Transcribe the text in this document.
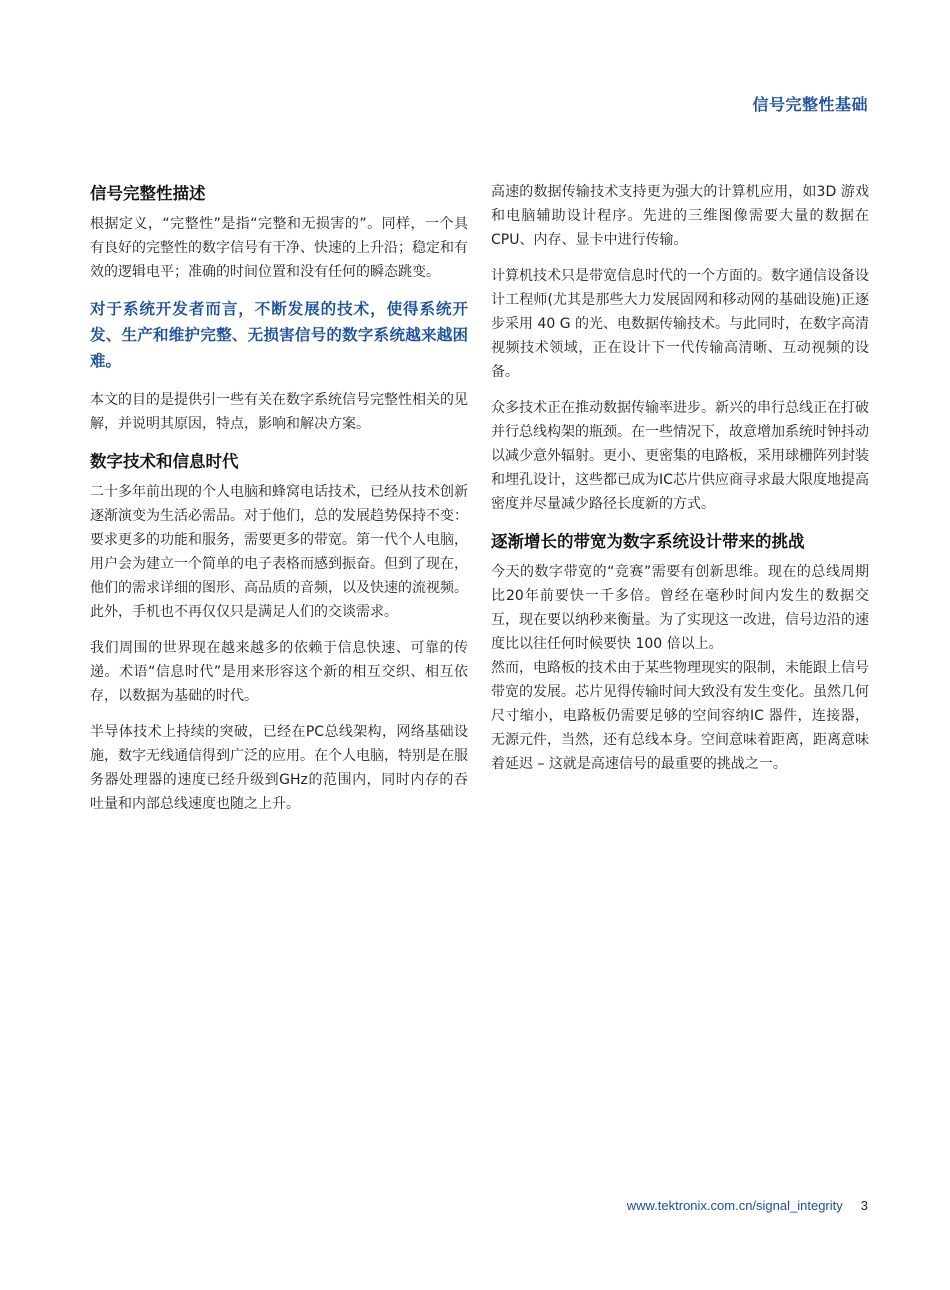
信号完整性基础
信号完整性描述

根据定义，“完整性”是指“完整和无损害的”。同样，一个具有良好的完整性的数字信号有干净、快速的上升沿；稳定和有效的逻辑电平；准确的时间位置和没有任何的瞬态跳变。

对于系统开发者而言，不断发展的技术，使得系统开发、生产和维护完整、无损害信号的数字系统越来越困难。

本文的目的是提供引一些有关在数字系统信号完整性相关的见解，并说明其原因，特点，影响和解决方案。

数字技术和信息时代

二十多年前出现的个人电脑和蜂窝电话技术，已经从技术创新逐渐演变为生活必需品。对于他们，总的发展趋势保持不变：要求更多的功能和服务，需要更多的带宽。第一代个人电脑，用户会为建立一个简单的电子表格而感到振奋。但到了现在，他们的需求详细的图形、高品质的音频，以及快速的流视频。此外，手机也不再仅仅只是满足人们的交谈需求。

我们周围的世界现在越来越多的依赖于信息快速、可靠的传递。术语“信息时代”是用来形容这个新的相互交织、相互依存，以数据为基础的时代。

半导体技术上持续的突破，已经在PC总线架构，网络基础设施，数字无线通信得到广泛的应用。在个人电脑，特别是在服务器处理器的速度已经升级到GHz的范围内，同时内存的吞吐量和内部总线速度也随之上升。

高速的数据传输技术支持更为强大的计算机应用，如3D 游戏和电脑辅助设计程序。先进的三维图像需要大量的数据在 CPU、内存、显卡中进行传输。

计算机技术只是带宽信息时代的一个方面的。数字通信设备设计工程师(尤其是那些大力发展固网和移动网的基础设施)正逐步采用 40 G 的光、电数据传输技术。与此同时，在数字高清视频技术领域，正在设计下一代传输高清晰、互动视频的设备。

众多技术正在推动数据传输率进步。新兴的串行总线正在打破并行总线构架的瓶颈。在一些情况下，故意增加系统时钟抖动以减少意外辐射。更小、更密集的电路板，采用球栅阵列封装和埋孔设计，这些都已成为IC芯片供应商寻求最大限度地提高密度并尽量减少路径长度新的方式。

逐渐增长的带宽为数字系统设计带来的挑战

今天的数字带宽的“竞赛”需要有创新思维。现在的总线周期比20年前要快一千多倍。曾经在毫秒时间内发生的数据交互，现在要以纳秒来衡量。为了实现这一改进，信号边沿的速度比以往任何时候要快 100 倍以上。

然而，电路板的技术由于某些物理现实的限制，未能跟上信号带宽的发展。芯片见得传输时间大致没有发生变化。虽然几何尺寸缩小，电路板仍需要足够的空间容纳IC 器件，连接器，无源元件，当然，还有总线本身。空间意味着距离，距离意味着延迟 – 这就是高速信号的最重要的挑战之一。

www.tektronix.com.cn/signal_integrity 3
